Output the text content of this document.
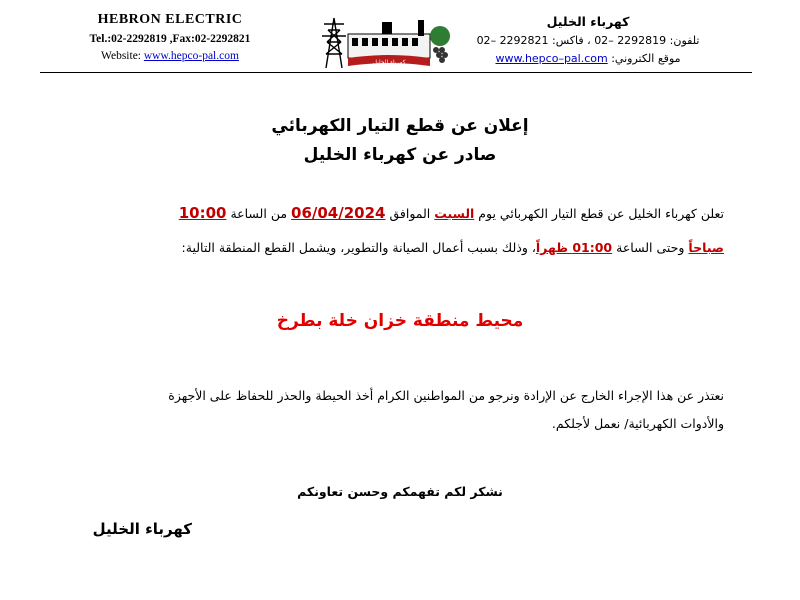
HEBRON ELECTRIC
Tel.:02-2292819 ,Fax:02-2292821
Website: www.hepco-pal.com
كهرباء الخليل
كهرباء الخليل
تلفون: 2292819 –02 ، فاكس: 2292821 –02
موقع الكتروني: www.hepco–pal.com
إعلان عن قطع التيار الكهربائي
صادر عن كهرباء الخليل
تعلن كهرباء الخليل عن قطع التيار الكهربائي يوم السبت الموافق 06/04/2024 من الساعة 10:00
صباحاً وحتى الساعة 01:00 ظهراً، وذلك بسبب أعمال الصيانة والتطوير، ويشمل القطع المنطقة التالية:
محيط منطقة خزان خلة بطرخ
نعتذر عن هذا الإجراء الخارج عن الإرادة ونرجو من المواطنين الكرام أخذ الحيطة والحذر للحفاظ على الأجهزة
والأدوات الكهربائية/ نعمل لأجلكم.
نشكر لكم تفهمكم وحسن تعاونكم
كهرباء الخليل
